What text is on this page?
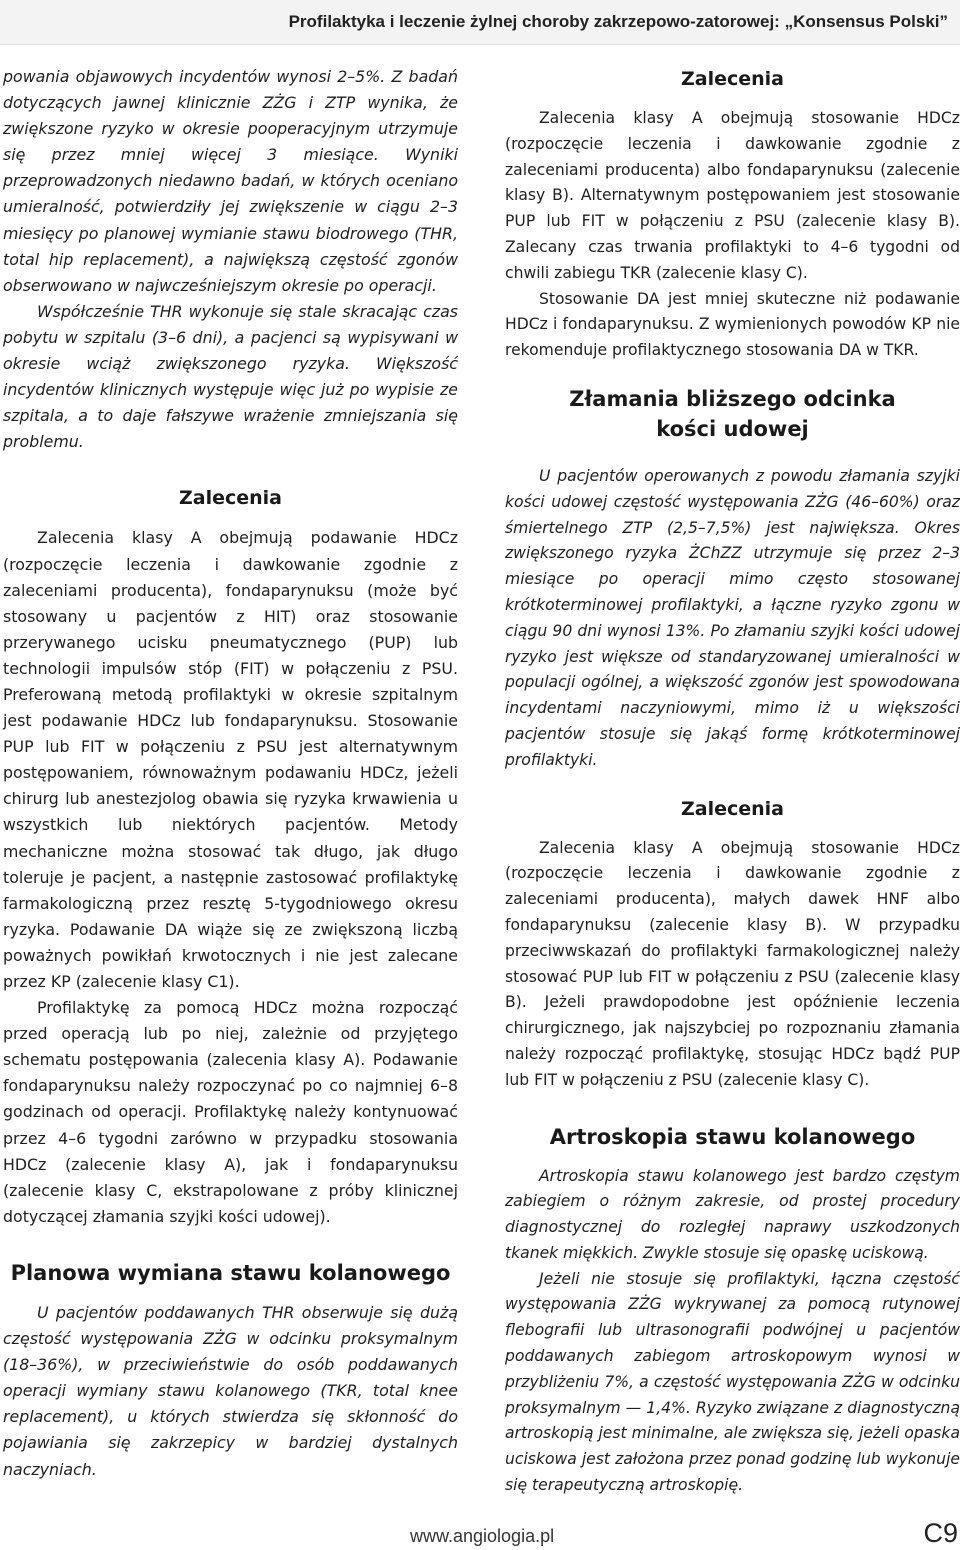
Profilaktyka i leczenie żylnej choroby zakrzepowo-zatorowej: „Konsensus Polski”

powania objawowych incydentów wynosi 2–5%. Z badań dotyczących jawnej klinicznie ZŻG i ZTP wynika, że zwiększone ryzyko w okresie pooperacyjnym utrzymuje się przez mniej więcej 3 miesiące. Wyniki przeprowadzonych niedawno badań, w których oceniano umieralność, potwierdziły jej zwiększenie w ciągu 2–3 miesięcy po planowej wymianie stawu biodrowego (THR, total hip replacement), a największą częstość zgonów obserwowano w najwcześniejszym okresie po operacji.

Współcześnie THR wykonuje się stale skracając czas pobytu w szpitalu (3–6 dni), a pacjenci są wypisywani w okresie wciąż zwiększonego ryzyka. Większość incydentów klinicznych występuje więc już po wypisie ze szpitala, a to daje fałszywe wrażenie zmniejszania się problemu.

Zalecenia

Zalecenia klasy A obejmują podawanie HDCz (rozpoczęcie leczenia i dawkowanie zgodnie z zaleceniami producenta), fondaparynuksu (może być stosowany u pacjentów z HIT) oraz stosowanie przerywanego ucisku pneumatycznego (PUP) lub technologii impulsów stóp (FIT) w połączeniu z PSU. Preferowaną metodą profilaktyki w okresie szpitalnym jest podawanie HDCz lub fondaparynuksu. Stosowanie PUP lub FIT w połączeniu z PSU jest alternatywnym postępowaniem, równoważnym podawaniu HDCz, jeżeli chirurg lub anestezjolog obawia się ryzyka krwawienia u wszystkich lub niektórych pacjentów. Metody mechaniczne można stosować tak długo, jak długo toleruje je pacjent, a następnie zastosować profilaktykę farmakologiczną przez resztę 5-tygodniowego okresu ryzyka. Podawanie DA wiąże się ze zwiększoną liczbą poważnych powikłań krwotocznych i nie jest zalecane przez KP (zalecenie klasy C1).

Profilaktykę za pomocą HDCz można rozpocząć przed operacją lub po niej, zależnie od przyjętego schematu postępowania (zalecenia klasy A). Podawanie fondaparynuksu należy rozpoczynać po co najmniej 6–8 godzinach od operacji. Profilaktykę należy kontynuować przez 4–6 tygodni zarówno w przypadku stosowania HDCz (zalecenie klasy A), jak i fondaparynuksu (zalecenie klasy C, ekstrapolowane z próby klinicznej dotyczącej złamania szyjki kości udowej).

Planowa wymiana stawu kolanowego

U pacjentów poddawanych THR obserwuje się dużą częstość występowania ZŻG w odcinku proksymalnym (18–36%), w przeciwieństwie do osób poddawanych operacji wymiany stawu kolanowego (TKR, total knee replacement), u których stwierdza się skłonność do pojawiania się zakrzepicy w bardziej dystalnych naczyniach.

Zalecenia

Zalecenia klasy A obejmują stosowanie HDCz (rozpoczęcie leczenia i dawkowanie zgodnie z zaleceniami producenta) albo fondaparynuksu (zalecenie klasy B). Alternatywnym postępowaniem jest stosowanie PUP lub FIT w połączeniu z PSU (zalecenie klasy B). Zalecany czas trwania profilaktyki to 4–6 tygodni od chwili zabiegu TKR (zalecenie klasy C).

Stosowanie DA jest mniej skuteczne niż podawanie HDCz i fondaparynuksu. Z wymienionych powodów KP nie rekomenduje profilaktycznego stosowania DA w TKR.

Złamania bliższego odcinka
kości udowej

U pacjentów operowanych z powodu złamania szyjki kości udowej częstość występowania ZŻG (46–60%) oraz śmiertelnego ZTP (2,5–7,5%) jest największa. Okres zwiększonego ryzyka ŻChZZ utrzymuje się przez 2–3 miesiące po operacji mimo często stosowanej krótkoterminowej profilaktyki, a łączne ryzyko zgonu w ciągu 90 dni wynosi 13%. Po złamaniu szyjki kości udowej ryzyko jest większe od standaryzowanej umieralności w populacji ogólnej, a większość zgonów jest spowodowana incydentami naczyniowymi, mimo iż u większości pacjentów stosuje się jakąś formę krótkoterminowej profilaktyki.

Zalecenia

Zalecenia klasy A obejmują stosowanie HDCz (rozpoczęcie leczenia i dawkowanie zgodnie z zaleceniami producenta), małych dawek HNF albo fondaparynuksu (zalecenie klasy B). W przypadku przeciwwskazań do profilaktyki farmakologicznej należy stosować PUP lub FIT w połączeniu z PSU (zalecenie klasy B). Jeżeli prawdopodobne jest opóźnienie leczenia chirurgicznego, jak najszybciej po rozpoznaniu złamania należy rozpocząć profilaktykę, stosując HDCz bądź PUP lub FIT w połączeniu z PSU (zalecenie klasy C).

Artroskopia stawu kolanowego

Artroskopia stawu kolanowego jest bardzo częstym zabiegiem o różnym zakresie, od prostej procedury diagnostycznej do rozległej naprawy uszkodzonych tkanek miękkich. Zwykle stosuje się opaskę uciskową.

Jeżeli nie stosuje się profilaktyki, łączna częstość występowania ZŻG wykrywanej za pomocą rutynowej flebografii lub ultrasonografii podwójnej u pacjentów poddawanych zabiegom artroskopowym wynosi w przybliżeniu 7%, a częstość występowania ZŻG w odcinku proksymalnym — 1,4%. Ryzyko związane z diagnostyczną artroskopią jest minimalne, ale zwiększa się, jeżeli opaska uciskowa jest założona przez ponad godzinę lub wykonuje się terapeutyczną artroskopię.

www.angiologia.pl	C9
